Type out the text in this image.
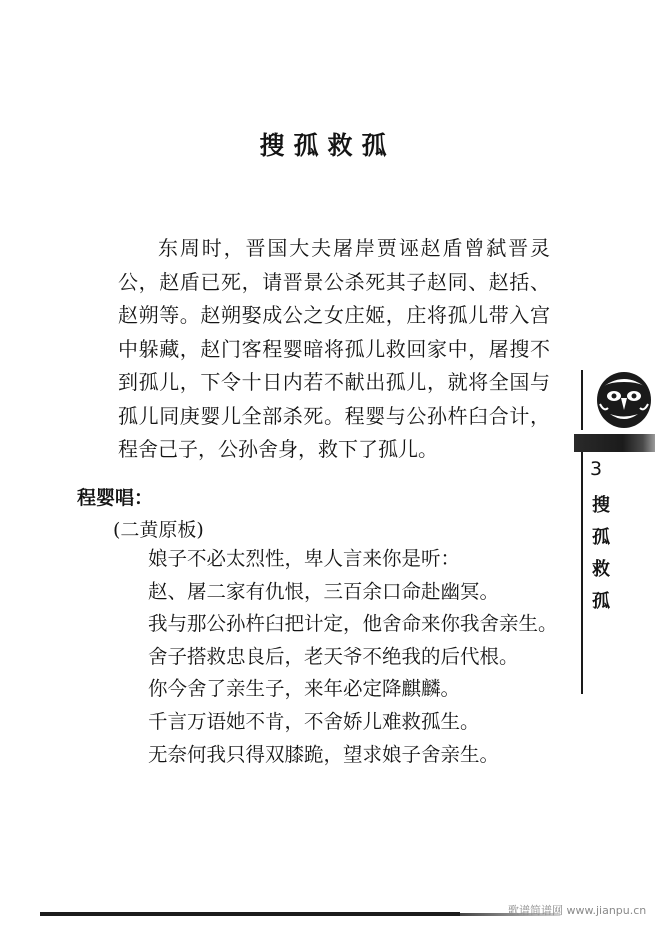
搜孤救孤

东周时，晋国大夫屠岸贾诬赵盾曾弑晋灵公，赵盾已死，请晋景公杀死其子赵同、赵括、赵朔等。赵朔娶成公之女庄姬，庄将孤儿带入宫中躲藏，赵门客程婴暗将孤儿救回家中，屠搜不到孤儿，下令十日内若不献出孤儿，就将全国与孤儿同庚婴儿全部杀死。程婴与公孙杵臼合计，程舍己子，公孙舍身，救下了孤儿。

程婴唱：
(二黄原板)
娘子不必太烈性，卑人言来你是听：
赵、屠二家有仇恨，三百余口命赴幽冥。
我与那公孙杵臼把计定，他舍命来你我舍亲生。
舍子搭救忠良后，老天爷不绝我的后代根。
你今舍了亲生子，来年必定降麒麟。
千言万语她不肯，不舍娇儿难救孤生。
无奈何我只得双膝跪，望求娘子舍亲生。
3
搜
孤
救
孤
歌谱简谱网 www.jianpu.cn
